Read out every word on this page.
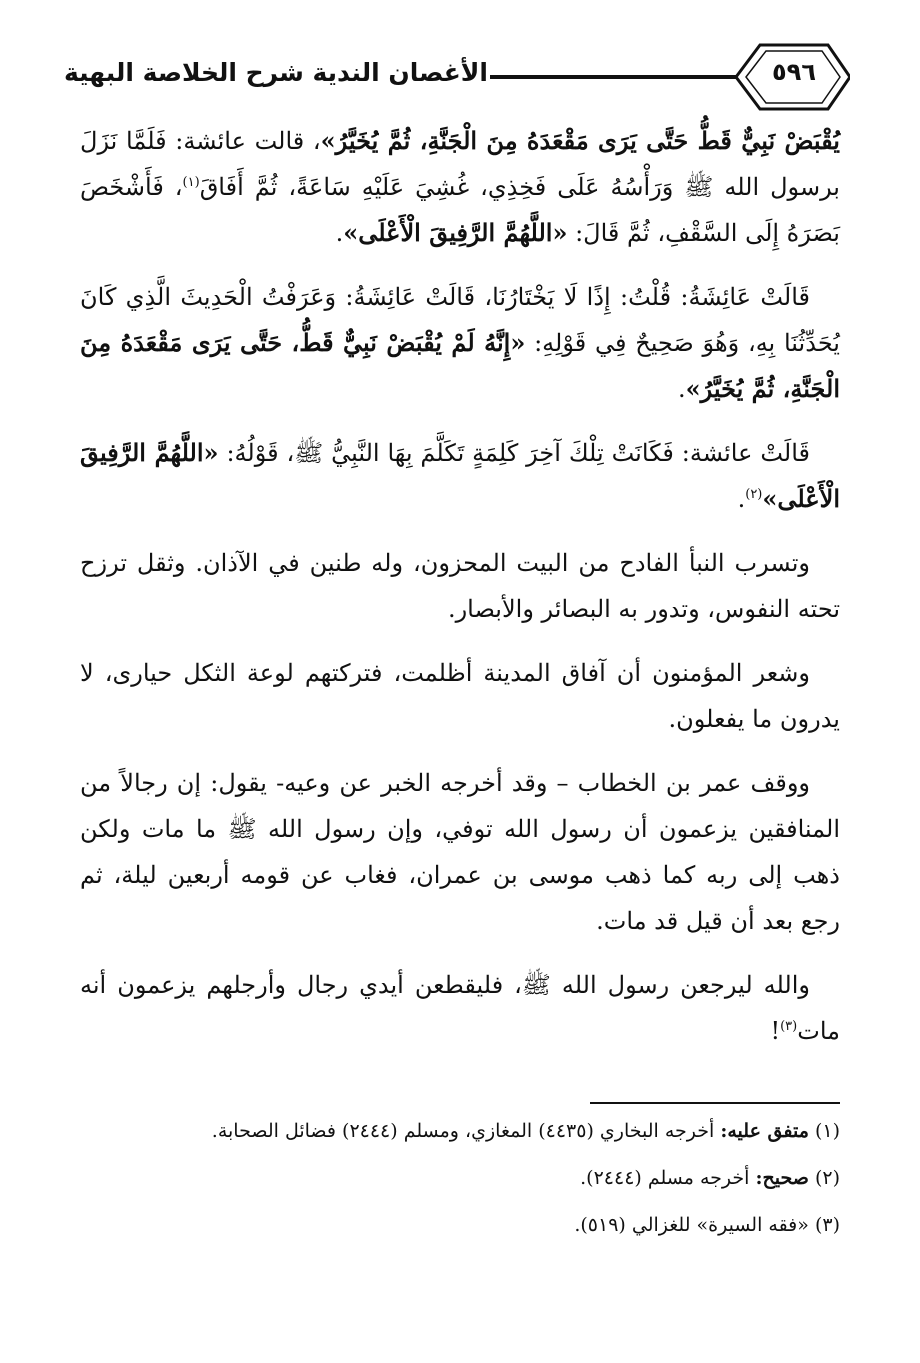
الأغصان الندية شرح الخلاصة البهية	٥٩٦

يُقْبَضْ نَبِيٌّ قَطُّ حَتَّى يَرَى مَقْعَدَهُ مِنَ الْجَنَّةِ، ثُمَّ يُخَيَّرُ»، قالت عائشة: فَلَمَّا نَزَلَ برسول الله ﷺ وَرَأْسُهُ عَلَى فَخِذِي، غُشِيَ عَلَيْهِ سَاعَةً، ثُمَّ أَفَاقَ$^{(١)}$، فَأَشْخَصَ بَصَرَهُ إِلَى السَّقْفِ، ثُمَّ قَالَ: «اللَّهُمَّ الرَّفِيقَ الْأَعْلَى».

قَالَتْ عَائِشَةُ: قُلْتُ: إِذًا لَا يَخْتَارُنَا، قَالَتْ عَائِشَةُ: وَعَرَفْتُ الْحَدِيثَ الَّذِي كَانَ يُحَدِّثُنَا بِهِ، وَهُوَ صَحِيحٌ فِي قَوْلِهِ: «إِنَّهُ لَمْ يُقْبَضْ نَبِيٌّ قَطُّ، حَتَّى يَرَى مَقْعَدَهُ مِنَ الْجَنَّةِ، ثُمَّ يُخَيَّرُ».

قَالَتْ عائشة: فَكَانَتْ تِلْكَ آخِرَ كَلِمَةٍ تَكَلَّمَ بِهَا النَّبِيُّ ﷺ، قَوْلُهُ: «اللَّهُمَّ الرَّفِيقَ الْأَعْلَى»$^{(٢)}$.

وتسرب النبأ الفادح من البيت المحزون، وله طنين في الآذان. وثقل ترزح تحته النفوس، وتدور به البصائر والأبصار.

وشعر المؤمنون أن آفاق المدينة أظلمت، فتركتهم لوعة الثكل حيارى، لا يدرون ما يفعلون.

ووقف عمر بن الخطاب – وقد أخرجه الخبر عن وعيه- يقول: إن رجالاً من المنافقين يزعمون أن رسول الله توفي، وإن رسول الله ﷺ ما مات ولكن ذهب إلى ربه كما ذهب موسى بن عمران، فغاب عن قومه أربعين ليلة، ثم رجع بعد أن قيل قد مات.

والله ليرجعن رسول الله ﷺ، فليقطعن أيدي رجال وأرجلهم يزعمون أنه مات$^{(٣)}$!

(١) متفق عليه: أخرجه البخاري (٤٤٣٥) المغازي، ومسلم (٢٤٤٤) فضائل الصحابة.
(٢) صحيح: أخرجه مسلم (٢٤٤٤).
(٣) «فقه السيرة» للغزالي (٥١٩).
